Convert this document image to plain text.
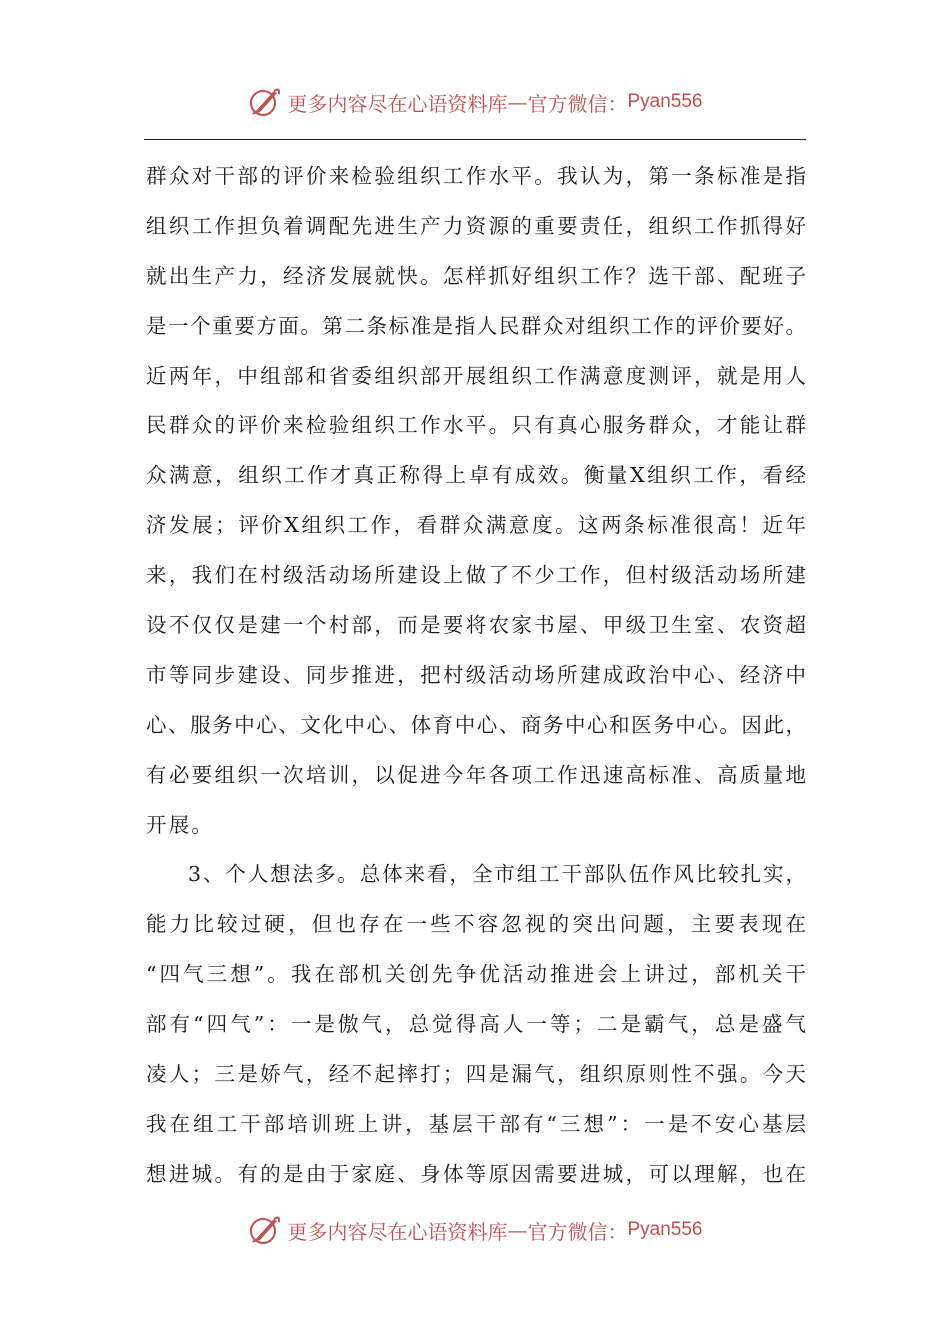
更多内容尽在心语资料库 — 官方微信： Pyan556
群众对干部的评价来检验组织工作水平。我认为，第一条标准是指
组织工作担负着调配先进生产力资源的重要责任，组织工作抓得好
就出生产力，经济发展就快。怎样抓好组织工作？选干部、配班子
是一个重要方面。第二条标准是指人民群众对组织工作的评价要好。
近两年，中组部和省委组织部开展组织工作满意度测评，就是用人
民群众的评价来检验组织工作水平。只有真心服务群众，才能让群
众满意，组织工作才真正称得上卓有成效。衡量X组织工作，看经
济发展；评价X组织工作，看群众满意度。这两条标准很高！近年
来，我们在村级活动场所建设上做了不少工作，但村级活动场所建
设不仅仅是建一个村部，而是要将农家书屋、甲级卫生室、农资超
市等同步建设、同步推进，把村级活动场所建成政治中心、经济中
心、服务中心、文化中心、体育中心、商务中心和医务中心。因此，
有必要组织一次培训，以促进今年各项工作迅速高标准、高质量地
开展。
3、个人想法多。总体来看，全市组工干部队伍作风比较扎实，
能力比较过硬，但也存在一些不容忽视的突出问题，主要表现在
“四气三想”。我在部机关创先争优活动推进会上讲过，部机关干
部有“四气”：一是傲气，总觉得高人一等；二是霸气，总是盛气
凌人；三是娇气，经不起摔打；四是漏气，组织原则性不强。今天
我在组工干部培训班上讲，基层干部有“三想”：一是不安心基层
想进城。有的是由于家庭、身体等原因需要进城，可以理解，也在
更多内容尽在心语资料库 — 官方微信： Pyan556
